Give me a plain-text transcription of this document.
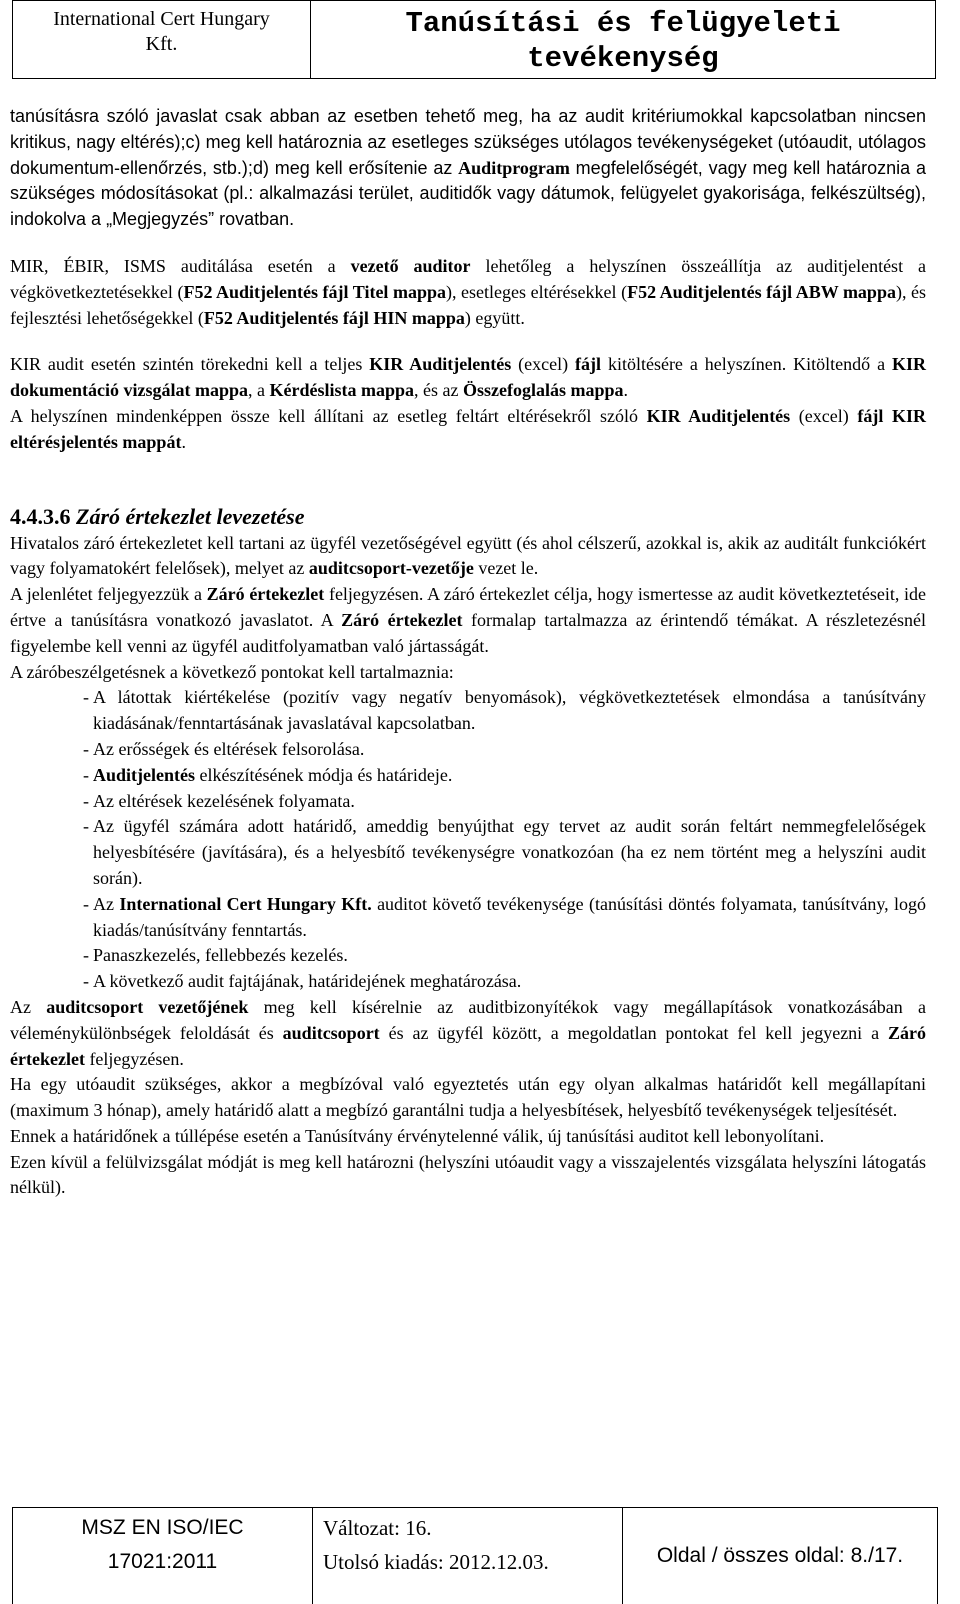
International Cert Hungary
Kft.
Tanúsítási és felügyeleti
tevékenység

tanúsításra szóló javaslat csak abban az esetben tehető meg, ha az audit kritériumokkal kapcsolatban nincsen kritikus, nagy eltérés);c) meg kell határoznia az esetleges szükséges utólagos tevékenységeket (utóaudit, utólagos dokumentum-ellenőrzés, stb.);d) meg kell erősítenie az Auditprogram megfelelőségét, vagy meg kell határoznia a szükséges módosításokat (pl.: alkalmazási terület, auditidők vagy dátumok, felügyelet gyakorisága, felkészültség), indokolva a „Megjegyzés” rovatban.

MIR, ÉBIR, ISMS auditálása esetén a vezető auditor lehetőleg a helyszínen összeállítja az auditjelentést a végkövetkeztetésekkel (F52 Auditjelentés fájl Titel mappa), esetleges eltérésekkel (F52 Auditjelentés fájl ABW mappa), és fejlesztési lehetőségekkel (F52 Auditjelentés fájl HIN mappa) együtt.

KIR audit esetén szintén törekedni kell a teljes KIR Auditjelentés (excel) fájl kitöltésére a helyszínen. Kitöltendő a KIR dokumentáció vizsgálat mappa, a Kérdéslista mappa, és az Összefoglalás mappa.

A helyszínen mindenképpen össze kell állítani az esetleg feltárt eltérésekről szóló KIR Auditjelentés (excel) fájl KIR eltérésjelentés mappát.

4.4.3.6 Záró értekezlet levezetése

Hivatalos záró értekezletet kell tartani az ügyfél vezetőségével együtt (és ahol célszerű, azokkal is, akik az auditált funkciókért vagy folyamatokért felelősek), melyet az auditcsoport-vezetője vezet le.

A jelenlétet feljegyezzük a Záró értekezlet feljegyzésen. A záró értekezlet célja, hogy ismertesse az audit következtetéseit, ide értve a tanúsításra vonatkozó javaslatot. A Záró értekezlet formalap tartalmazza az érintendő témákat. A részletezésnél figyelembe kell venni az ügyfél auditfolyamatban való jártasságát.

A záróbeszélgetésnek a következő pontokat kell tartalmaznia:

- A látottak kiértékelése (pozitív vagy negatív benyomások), végkövetkeztetések elmondása a tanúsítvány kiadásának/fenntartásának javaslatával kapcsolatban.
- Az erősségek és eltérések felsorolása.
- Auditjelentés elkészítésének módja és határideje.
- Az eltérések kezelésének folyamata.
- Az ügyfél számára adott határidő, ameddig benyújthat egy tervet az audit során feltárt nemmegfelelőségek helyesbítésére (javítására), és a helyesbítő tevékenységre vonatkozóan (ha ez nem történt meg a helyszíni audit során).
- Az International Cert Hungary Kft. auditot követő tevékenysége (tanúsítási döntés folyamata, tanúsítvány, logó kiadás/tanúsítvány fenntartás.
- Panaszkezelés, fellebbezés kezelés.
- A következő audit fajtájának, határidejének meghatározása.

Az auditcsoport vezetőjének meg kell kísérelnie az auditbizonyítékok vagy megállapítások vonatkozásában a véleménykülönbségek feloldását és auditcsoport és az ügyfél között, a megoldatlan pontokat fel kell jegyezni a Záró értekezlet feljegyzésen.

Ha egy utóaudit szükséges, akkor a megbízóval való egyeztetés után egy olyan alkalmas határidőt kell megállapítani (maximum 3 hónap), amely határidő alatt a megbízó garantálni tudja a helyesbítések, helyesbítő tevékenységek teljesítését.

Ennek a határidőnek a túllépése esetén a Tanúsítvány érvénytelenné válik, új tanúsítási auditot kell lebonyolítani.

Ezen kívül a felülvizsgálat módját is meg kell határozni (helyszíni utóaudit vagy a visszajelentés vizsgálata helyszíni látogatás nélkül).

MSZ EN ISO/IEC
17021:2011
Változat: 16.
Utolsó kiadás: 2012.12.03.	Oldal / összes oldal: 8./17.
